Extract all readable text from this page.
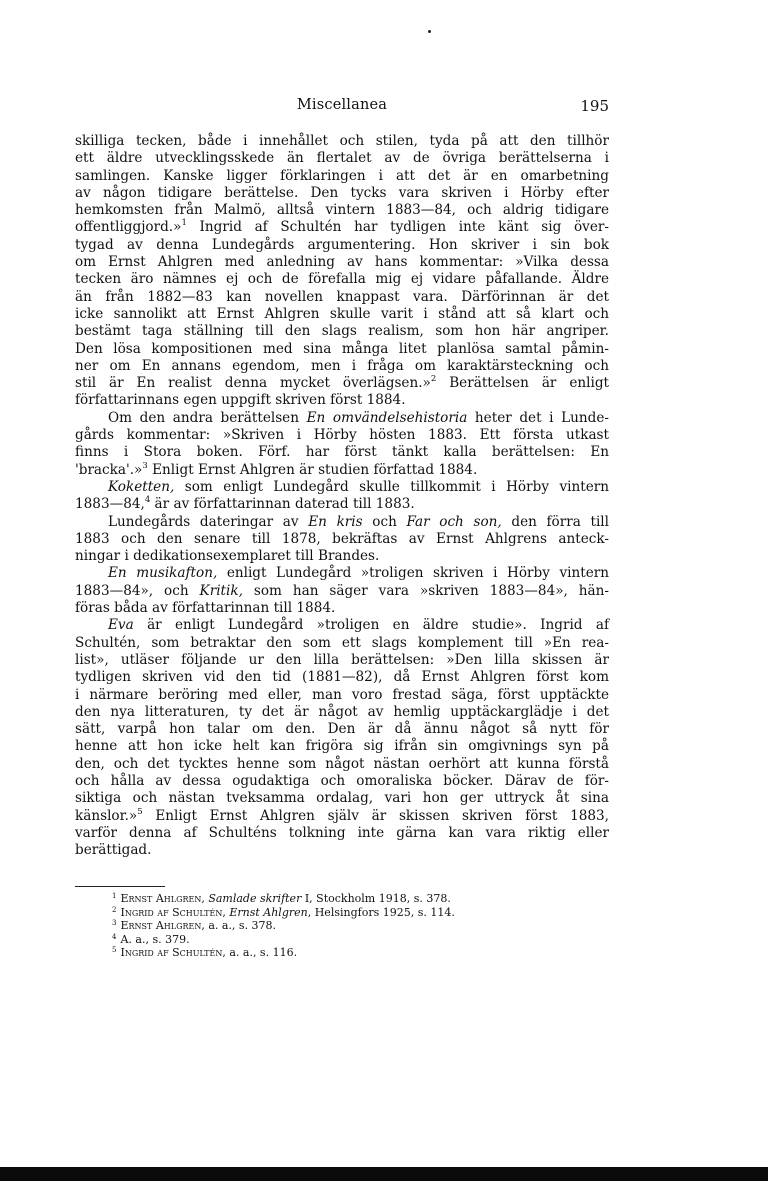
Miscellanea	195

skilliga tecken, både i innehållet och stilen, tyda på att den tillhör

ett äldre utvecklingsskede än flertalet av de övriga berättelserna i

samlingen. Kanske ligger förklaringen i att det är en omarbetning

av någon tidigare berättelse. Den tycks vara skriven i Hörby efter

hemkomsten från Malmö, alltså vintern 1883—84, och aldrig tidigare

offentliggjord.»$^1$ Ingrid af Schultén har tydligen inte känt sig över-

tygad av denna Lundegårds argumentering. Hon skriver i sin bok

om Ernst Ahlgren med anledning av hans kommentar: »Vilka dessa

tecken äro nämnes ej och de förefalla mig ej vidare påfallande. Äldre

än från 1882—83 kan novellen knappast vara. Därförinnan är det

icke sannolikt att Ernst Ahlgren skulle varit i stånd att så klart och

bestämt taga ställning till den slags realism, som hon här angriper.

Den lösa kompositionen med sina många litet planlösa samtal påmin-

ner om En annans egendom, men i fråga om karaktärsteckning och

stil är En realist denna mycket överlägsen.»$^2$ Berättelsen är enligt

författarinnans egen uppgift skriven först 1884.

Om den andra berättelsen En omvändelsehistoria heter det i Lunde-

gårds kommentar: »Skriven i Hörby hösten 1883. Ett första utkast

finns i Stora boken. Förf. har först tänkt kalla berättelsen: En

'bracka'.»$^3$ Enligt Ernst Ahlgren är studien författad 1884.

Koketten, som enligt Lundegård skulle tillkommit i Hörby vintern

1883—84,$^4$ är av författarinnan daterad till 1883.

Lundegårds dateringar av En kris och Far och son, den förra till

1883 och den senare till 1878, bekräftas av Ernst Ahlgrens anteck-

ningar i dedikationsexemplaret till Brandes.

En musikafton, enligt Lundegård »troligen skriven i Hörby vintern

1883—84», och Kritik, som han säger vara »skriven 1883—84», hän-

föras båda av författarinnan till 1884.

Eva är enligt Lundegård »troligen en äldre studie». Ingrid af

Schultén, som betraktar den som ett slags komplement till »En rea-

list», utläser följande ur den lilla berättelsen: »Den lilla skissen är

tydligen skriven vid den tid (1881—82), då Ernst Ahlgren först kom

i närmare beröring med eller, man voro frestad säga, först upptäckte

den nya litteraturen, ty det är något av hemlig upptäckarglädje i det

sätt, varpå hon talar om den. Den är då ännu något så nytt för

henne att hon icke helt kan frigöra sig ifrån sin omgivnings syn på

den, och det tycktes henne som något nästan oerhört att kunna förstå

och hålla av dessa ogudaktiga och omoraliska böcker. Därav de för-

siktiga och nästan tveksamma ordalag, vari hon ger uttryck åt sina

känslor.»$^5$ Enligt Ernst Ahlgren själv är skissen skriven först 1883,

varför denna af Schulténs tolkning inte gärna kan vara riktig eller

berättigad.

$^1$ Ernst Ahlgren, Samlade skrifter I, Stockholm 1918, s. 378.
$^2$ Ingrid af Schultén, Ernst Ahlgren, Helsingfors 1925, s. 114.
$^3$ Ernst Ahlgren, a. a., s. 378.
$^4$ A. a., s. 379.
$^5$ Ingrid af Schultén, a. a., s. 116.
